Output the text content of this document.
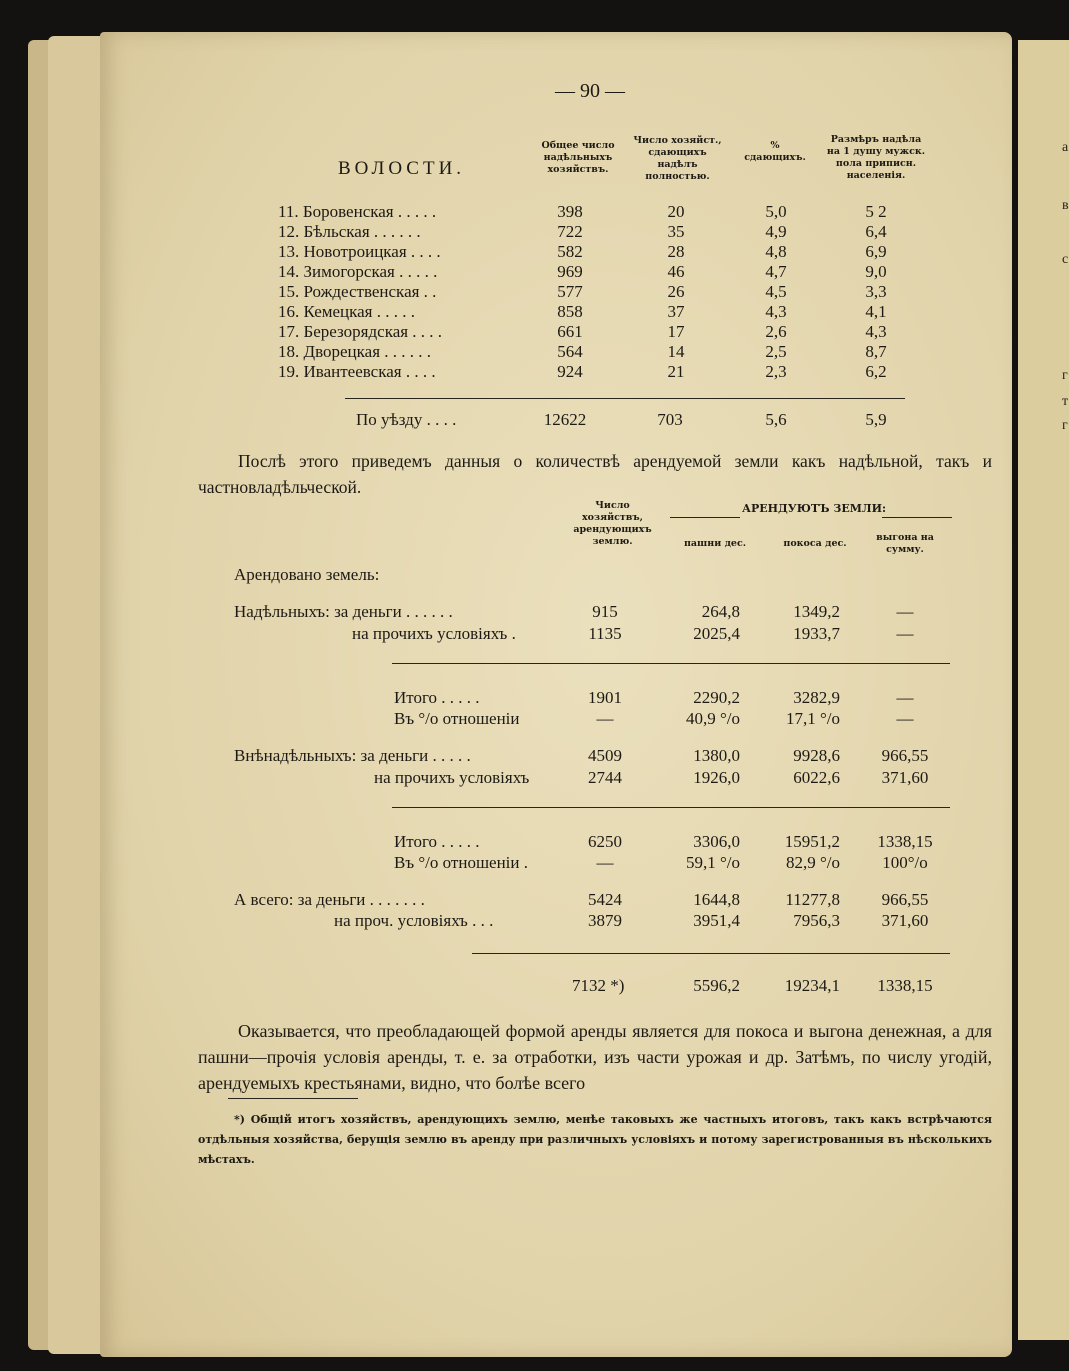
а
в
с
г
т
г
— 90 —
ВОЛОСТИ.
Общее число надѣльныхъ хозяйствъ.
Число хозяйст., сдающихъ надѣлъ полностью.
% сдающихъ.
Размѣръ надѣла на 1 душу мужск. пола приписн. населенія.
11. Боровенская . . . . .	398	20	5,0	5 2
12. Бѣльская . . . . . .	722	35	4,9	6,4
13. Новотроицкая . . . .	582	28	4,8	6,9
14. Зимогорская . . . . .	969	46	4,7	9,0
15. Рождественская . .	577	26	4,5	3,3
16. Кемецкая . . . . .	858	37	4,3	4,1
17. Березорядская . . . .	661	17	2,6	4,3
18. Дворецкая . . . . . .	564	14	2,5	8,7
19. Ивантеевская . . . .	924	21	2,3	6,2
По уѣзду . . . .	12622	703	5,6	5,9
Послѣ этого приведемъ данныя о количествѣ арендуемой земли какъ надѣльной, такъ и частновладѣльческой.
Число хозяйствъ, арендующихъ землю.
АРЕНДУЮТЪ ЗЕМЛИ:
пашни дес.	покоса дес.
выгона на сумму.
Арендовано земель:
Надѣльныхъ: за деньги . . . . . .	915	264,8	1349,2	—
на прочихъ условіяхъ .	1135	2025,4	1933,7	—
Итого . . . . .	1901	2290,2	3282,9	—
Въ °/о отношеніи	—	40,9 °/о	17,1 °/о	—
Внѣнадѣльныхъ: за деньги . . . . .	4509	1380,0	9928,6	966,55
на прочихъ условіяхъ	2744	1926,0	6022,6	371,60
Итого . . . . .	6250	3306,0	15951,2	1338,15
Въ °/о отношеніи .	—	59,1 °/о	82,9 °/о	100°/о
А всего: за деньги . . . . . . .	5424	1644,8	11277,8	966,55
на проч. условіяхъ . . .	3879	3951,4	7956,3	371,60
7132 *)	5596,2	19234,1	1338,15
Оказывается, что преобладающей формой аренды является для покоса и выгона денежная, а для пашни—прочія условія аренды, т. е. за отработки, изъ части урожая и др. Затѣмъ, по числу угодій, арендуемыхъ крестьянами, видно, что болѣе всего
*) Общій итогъ хозяйствъ, арендующихъ землю, менѣе таковыхъ же частныхъ итоговъ, такъ какъ встрѣчаются отдѣльныя хозяйства, берущія землю въ аренду при различныхъ условіяхъ и потому зарегистрованныя въ нѣсколькихъ мѣстахъ.
